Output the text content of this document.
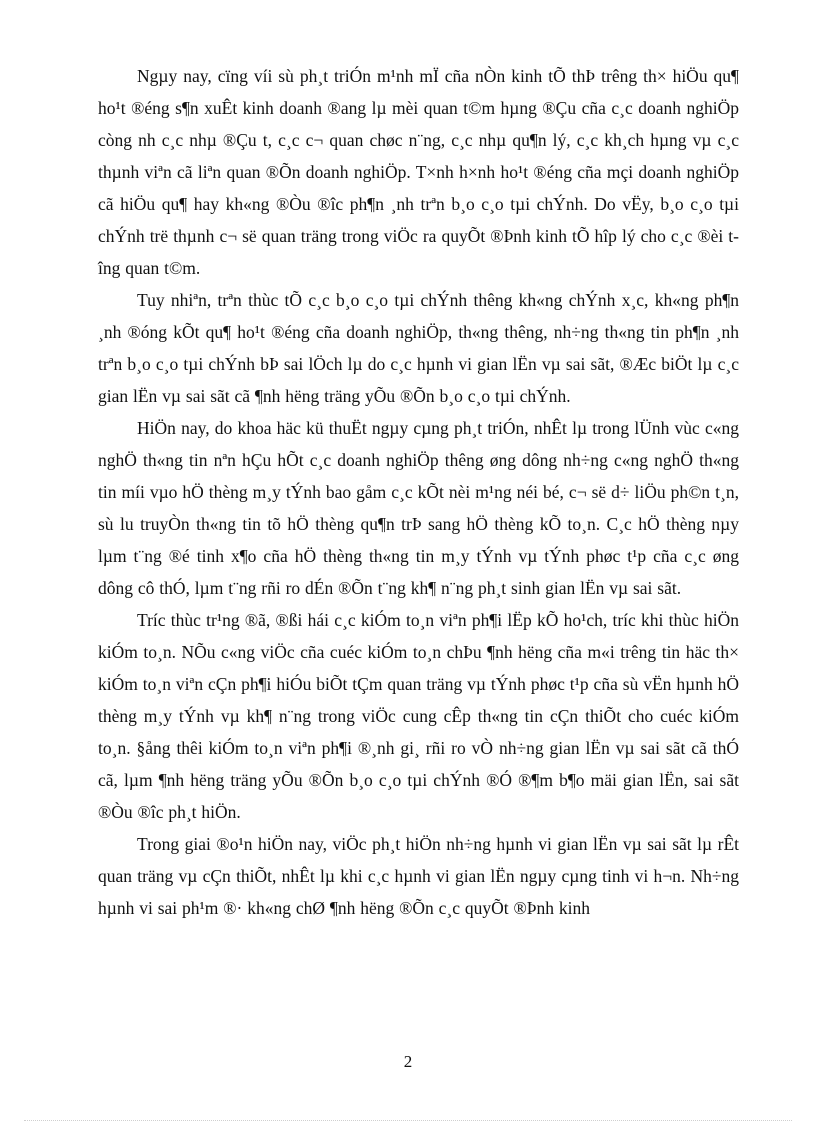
Ngµy nay, cïng víi sù ph¸t triÓn m¹nh mÏ cña nÒn kinh tÕ thÞ trêng th× hiÖu qu¶ ho¹t ®éng s¶n xuÊt kinh doanh ®ang lµ mèi quan t©m hµng ®Çu cña c¸c doanh nghiÖp còng nh c¸c nhµ ®Çu t, c¸c c¬ quan chøc n¨ng, c¸c nhµ qu¶n lý, c¸c kh¸ch hµng vµ c¸c thµnh viªn cã liªn quan ®Õn doanh nghiÖp. T×nh h×nh ho¹t ®éng cña mçi doanh nghiÖp cã hiÖu qu¶ hay kh«ng ®Òu ®îc ph¶n ¸nh trªn b¸o c¸o tµi chÝnh. Do vËy, b¸o c¸o tµi chÝnh trë thµnh c¬ së quan träng trong viÖc ra quyÕt ®Þnh kinh tÕ hîp lý cho c¸c ®èi tîng quan t©m.

Tuy nhiªn, trªn thùc tÕ c¸c b¸o c¸o tµi chÝnh thêng kh«ng chÝnh x¸c, kh«ng ph¶n ¸nh ®óng kÕt qu¶ ho¹t ®éng cña doanh nghiÖp, th«ng thêng, nh÷ng th«ng tin ph¶n ¸nh trªn b¸o c¸o tµi chÝnh bÞ sai lÖch lµ do c¸c hµnh vi gian lËn vµ sai sãt, ®Æc biÖt lµ c¸c gian lËn vµ sai sãt cã ¶nh hëng träng yÕu ®Õn b¸o c¸o tµi chÝnh.

HiÖn nay, do khoa häc kü thuËt ngµy cµng ph¸t triÓn, nhÊt lµ trong lÜnh vùc c«ng nghÖ th«ng tin nªn hÇu hÕt c¸c doanh nghiÖp thêng øng dông nh÷ng c«ng nghÖ th«ng tin míi vµo hÖ thèng m¸y tÝnh bao gåm c¸c kÕt nèi m¹ng néi bé, c¬ së d÷ liÖu ph©n t¸n, sù lu truyÒn th«ng tin tõ hÖ thèng qu¶n trÞ sang hÖ thèng kÕ to¸n. C¸c hÖ thèng nµy lµm t¨ng ®é tinh x¶o cña hÖ thèng th«ng tin m¸y tÝnh vµ tÝnh phøc t¹p cña c¸c øng dông cô thÓ, lµm t¨ng rñi ro dÉn ®Õn t¨ng kh¶ n¨ng ph¸t sinh gian lËn vµ sai sãt.

Tríc thùc tr¹ng ®ã, ®ßi hái c¸c kiÓm to¸n viªn ph¶i lËp kÕ ho¹ch, tríc khi thùc hiÖn kiÓm to¸n. NÕu c«ng viÖc cña cuéc kiÓm to¸n chÞu ¶nh hëng cña m«i trêng tin häc th× kiÓm to¸n viªn cÇn ph¶i hiÓu biÕt tÇm quan träng vµ tÝnh phøc t¹p cña sù vËn hµnh hÖ thèng m¸y tÝnh vµ kh¶ n¨ng trong viÖc cung cÊp th«ng tin cÇn thiÕt cho cuéc kiÓm to¸n. §ång thêi kiÓm to¸n viªn ph¶i ®¸nh gi¸ rñi ro vÒ nh÷ng gian lËn vµ sai sãt cã thÓ cã, lµm ¶nh hëng träng yÕu ®Õn b¸o c¸o tµi chÝnh ®Ó ®¶m b¶o mäi gian lËn, sai sãt ®Òu ®îc ph¸t hiÖn.

Trong giai ®o¹n hiÖn nay, viÖc ph¸t hiÖn nh÷ng hµnh vi gian lËn vµ sai sãt lµ rÊt quan träng vµ cÇn thiÕt, nhÊt lµ khi c¸c hµnh vi gian lËn ngµy cµng tinh vi h¬n. Nh÷ng hµnh vi sai ph¹m ®· kh«ng chØ ¶nh hëng ®Õn c¸c quyÕt ®Þnh kinh

2
